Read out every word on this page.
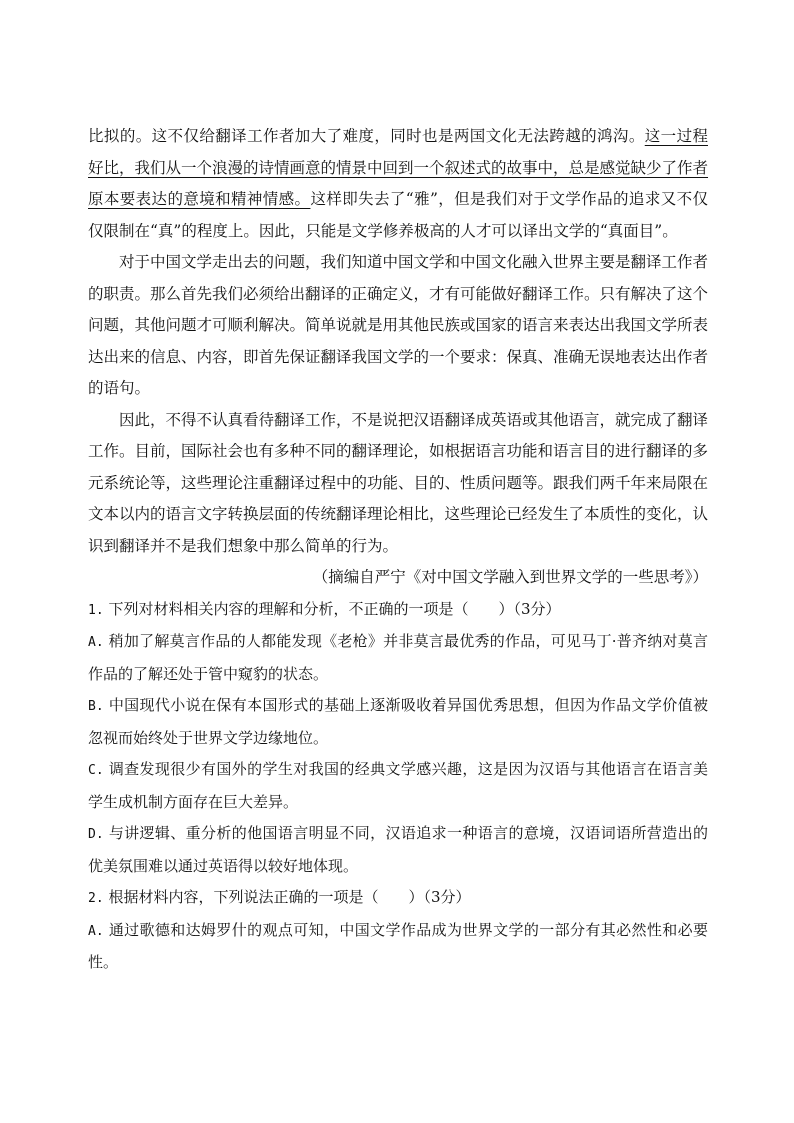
比拟的。这不仅给翻译工作者加大了难度，同时也是两国文化无法跨越的鸿沟。这一过程好比，我们从一个浪漫的诗情画意的情景中回到一个叙述式的故事中，总是感觉缺少了作者原本要表达的意境和精神情感。这样即失去了“雅”，但是我们对于文学作品的追求又不仅仅限制在“真”的程度上。因此，只能是文学修养极高的人才可以译出文学的“真面目”。

对于中国文学走出去的问题，我们知道中国文学和中国文化融入世界主要是翻译工作者的职责。那么首先我们必须给出翻译的正确定义，才有可能做好翻译工作。只有解决了这个问题，其他问题才可顺利解决。简单说就是用其他民族或国家的语言来表达出我国文学所表达出来的信息、内容，即首先保证翻译我国文学的一个要求：保真、准确无误地表达出作者的语句。

因此，不得不认真看待翻译工作，不是说把汉语翻译成英语或其他语言，就完成了翻译工作。目前，国际社会也有多种不同的翻译理论，如根据语言功能和语言目的进行翻译的多元系统论等，这些理论注重翻译过程中的功能、目的、性质问题等。跟我们两千年来局限在文本以内的语言文字转换层面的传统翻译理论相比，这些理论已经发生了本质性的变化，认识到翻译并不是我们想象中那么简单的行为。

（摘编自严宁《对中国文学融入到世界文学的一些思考》）

1. 下列对材料相关内容的理解和分析，不正确的一项是（　　）（3分）

A. 稍加了解莫言作品的人都能发现《老枪》并非莫言最优秀的作品，可见马丁·普齐纳对莫言作品的了解还处于管中窥豹的状态。

B. 中国现代小说在保有本国形式的基础上逐渐吸收着异国优秀思想，但因为作品文学价值被忽视而始终处于世界文学边缘地位。

C. 调查发现很少有国外的学生对我国的经典文学感兴趣，这是因为汉语与其他语言在语言美学生成机制方面存在巨大差异。

D. 与讲逻辑、重分析的他国语言明显不同，汉语追求一种语言的意境，汉语词语所营造出的优美氛围难以通过英语得以较好地体现。

2. 根据材料内容，下列说法正确的一项是（　　）（3分）

A. 通过歌德和达姆罗什的观点可知，中国文学作品成为世界文学的一部分有其必然性和必要性。
